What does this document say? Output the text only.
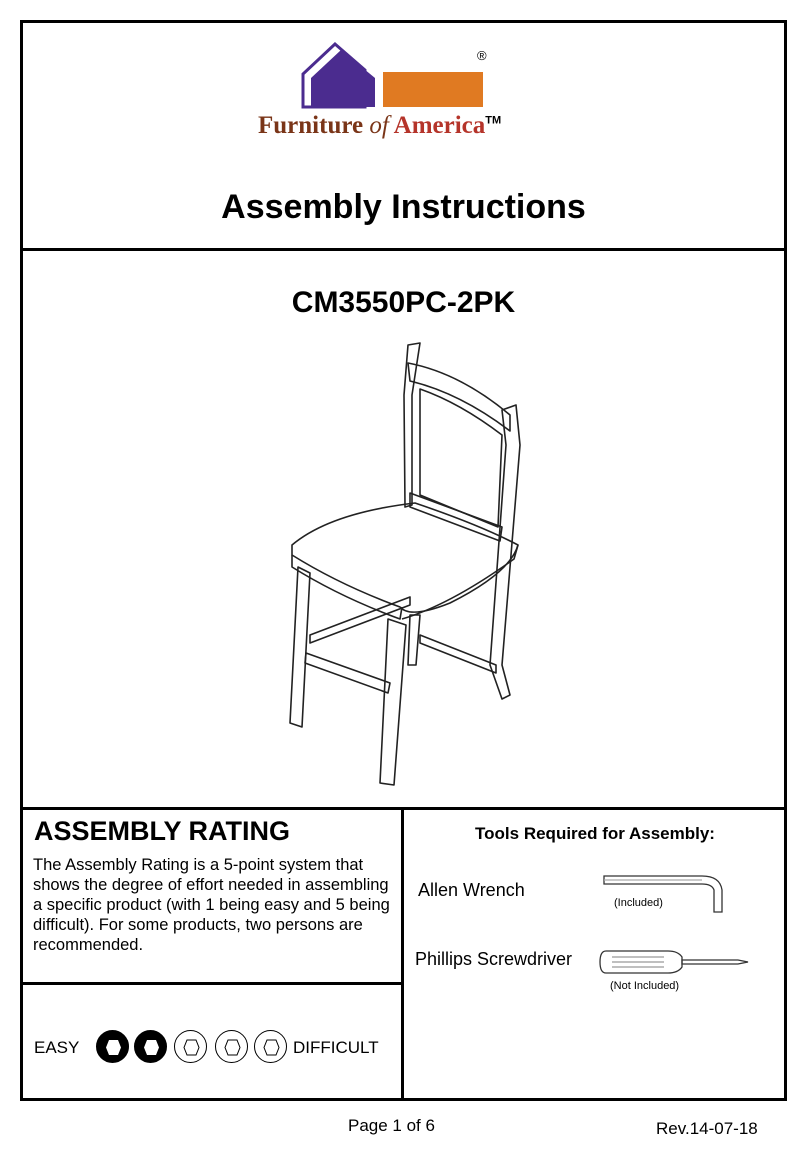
®
Furniture of America™
Assembly Instructions
CM3550PC-2PK
ASSEMBLY RATING
The Assembly Rating is a 5-point system that shows the degree of effort needed in assembling a specific product (with 1 being easy and 5 being difficult). For some products, two persons are recommended.
EASY	DIFFICULT
Tools Required for Assembly:
Allen Wrench
(Included)
Phillips Screwdriver
(Not Included)
Page 1 of 6	Rev.14-07-18
